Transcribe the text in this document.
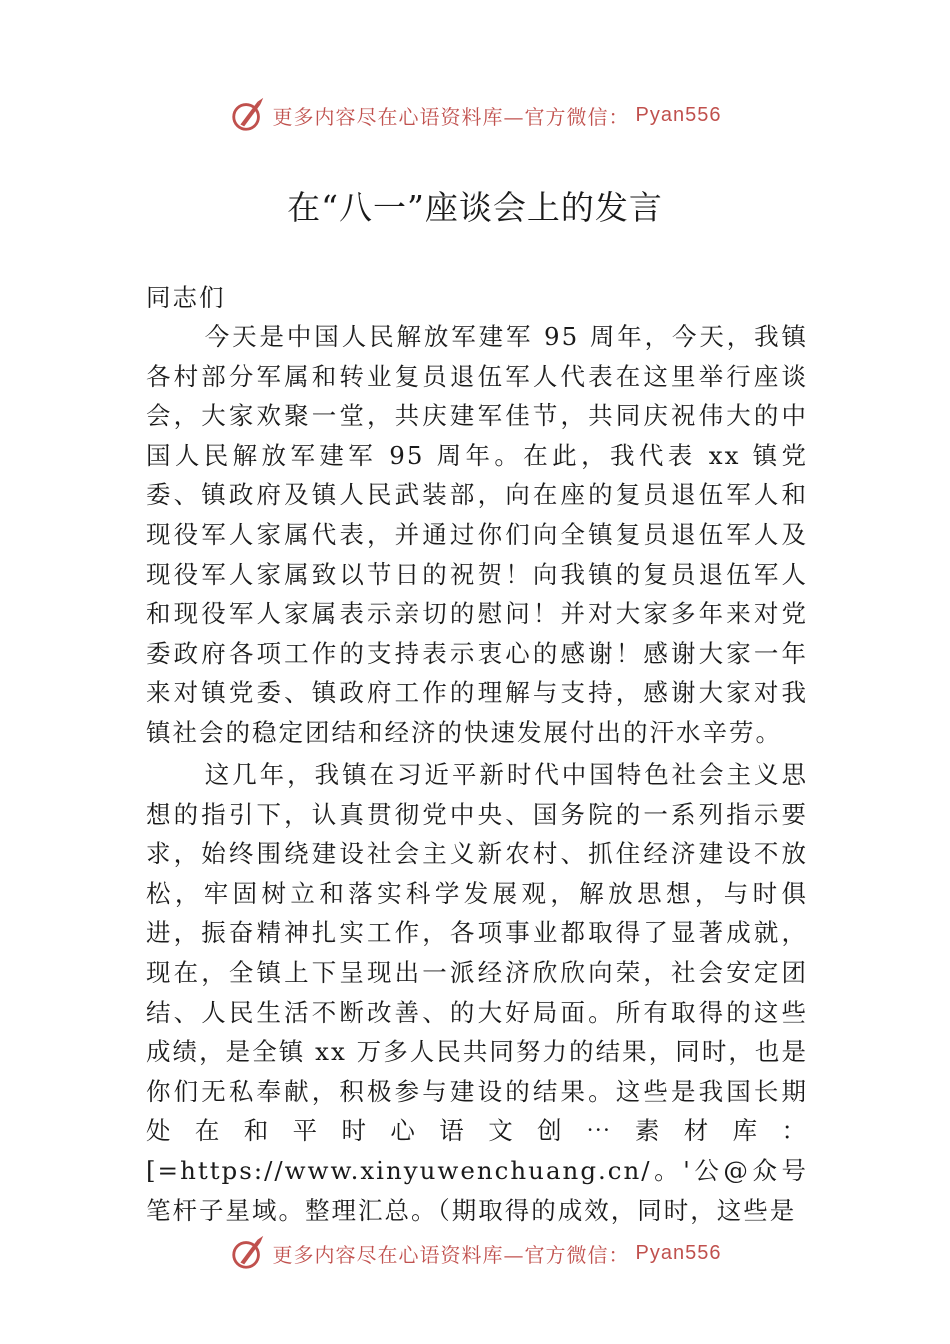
更多内容尽在心语资料库—官方微信： Pyan556
在“八一”座谈会上的发言
同志们
今天是中国人民解放军建军 95 周年，今天，我镇各村部分军属和转业复员退伍军人代表在这里举行座谈会，大家欢聚一堂，共庆建军佳节，共同庆祝伟大的中国人民解放军建军 95 周年。在此，我代表 xx 镇党委、镇政府及镇人民武装部，向在座的复员退伍军人和现役军人家属代表，并通过你们向全镇复员退伍军人及现役军人家属致以节日的祝贺！向我镇的复员退伍军人和现役军人家属表示亲切的慰问！并对大家多年来对党委政府各项工作的支持表示衷心的感谢！感谢大家一年来对镇党委、镇政府工作的理解与支持，感谢大家对我镇社会的稳定团结和经济的快速发展付出的汗水辛劳。
这几年，我镇在习近平新时代中国特色社会主义思想的指引下，认真贯彻党中央、国务院的一系列指示要求，始终围绕建设社会主义新农村、抓住经济建设不放松，牢固树立和落实科学发展观，解放思想，与时俱进，振奋精神扎实工作，各项事业都取得了显著成就，现在，全镇上下呈现出一派经济欣欣向荣，社会安定团结、人民生活不断改善、的大好局面。所有取得的这些成绩，是全镇 xx 万多人民共同努力的结果，同时，也是你们无私奉献，积极参与建设的结果。这些是我国长期处在和平时心语文创⋯素材库：[=https://www.xinyuwenchuang.cn/。'公@众号笔杆子星域。整理汇总。（期取得的成效，同时，这些是
更多内容尽在心语资料库—官方微信： Pyan556
